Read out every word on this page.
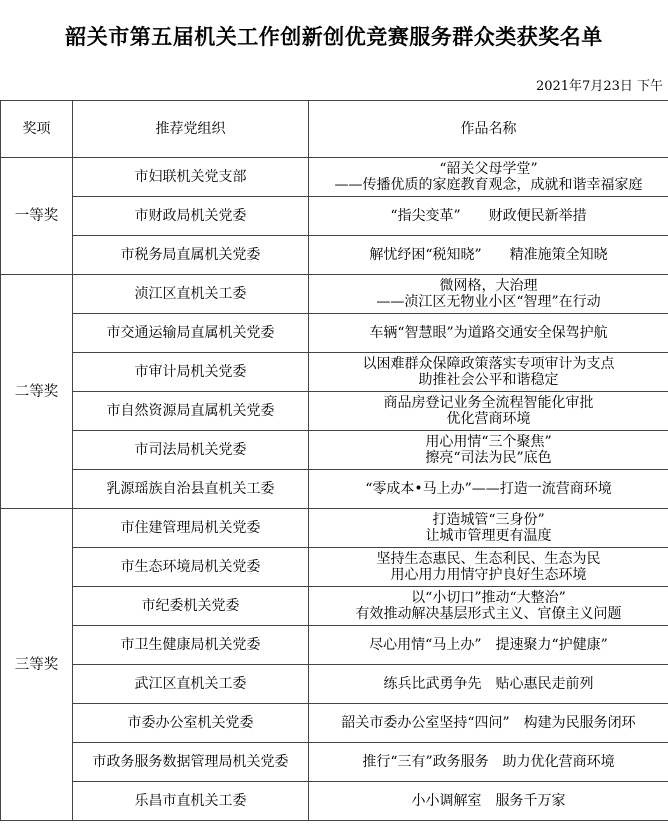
韶关市第五届机关工作创新创优竞赛服务群众类获奖名单
2021年7月23日 下午
奖项	推荐党组织	作品名称
一等奖	市妇联机关党支部	“韶关父母学堂”
——传播优质的家庭教育观念，成就和谐幸福家庭

	市财政局机关党委	“指尖变革”　　财政便民新举措

	市税务局直属机关党委	解忧纾困“税知晓”　　精准施策全知晓

二等奖	浈江区直机关工委	微网格，大治理
——浈江区无物业小区“智理”在行动

	市交通运输局直属机关党委	车辆“智慧眼”为道路交通安全保驾护航

	市审计局机关党委	以困难群众保障政策落实专项审计为支点
助推社会公平和谐稳定

	市自然资源局直属机关党委	商品房登记业务全流程智能化审批
优化营商环境

	市司法局机关党委	用心用情“三个聚焦”
擦亮“司法为民”底色

	乳源瑶族自治县直机关工委	“零成本•马上办”——打造一流营商环境

三等奖	市住建管理局机关党委	打造城管“三身份”
让城市管理更有温度

	市生态环境局机关党委	坚持生态惠民、生态利民、生态为民
用心用力用情守护良好生态环境

	市纪委机关党委	以“小切口”推动“大整治”
有效推动解决基层形式主义、官僚主义问题

	市卫生健康局机关党委	尽心用情“马上办”　提速聚力“护健康”

	武江区直机关工委	练兵比武勇争先　贴心惠民走前列

	市委办公室机关党委	韶关市委办公室坚持“四问”　构建为民服务闭环

	市政务服务数据管理局机关党委	推行“三有”政务服务　助力优化营商环境

	乐昌市直机关工委	小小调解室　服务千万家
